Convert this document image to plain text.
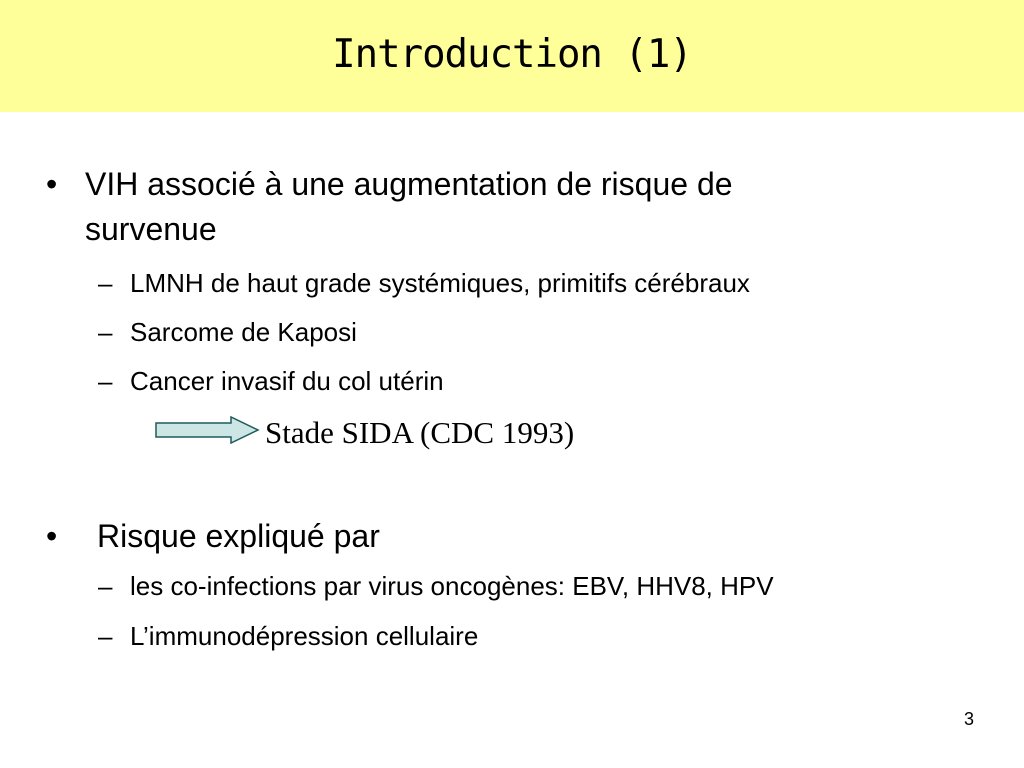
Introduction (1)
• VIH associé à une augmentation de risque de
survenue
– LMNH de haut grade systémiques, primitifs cérébraux
– Sarcome de Kaposi
– Cancer invasif du col utérin
Stade SIDA (CDC 1993)
• Risque expliqué par
– les co-infections par virus oncogènes: EBV, HHV8, HPV
– L’immunodépression cellulaire
3
